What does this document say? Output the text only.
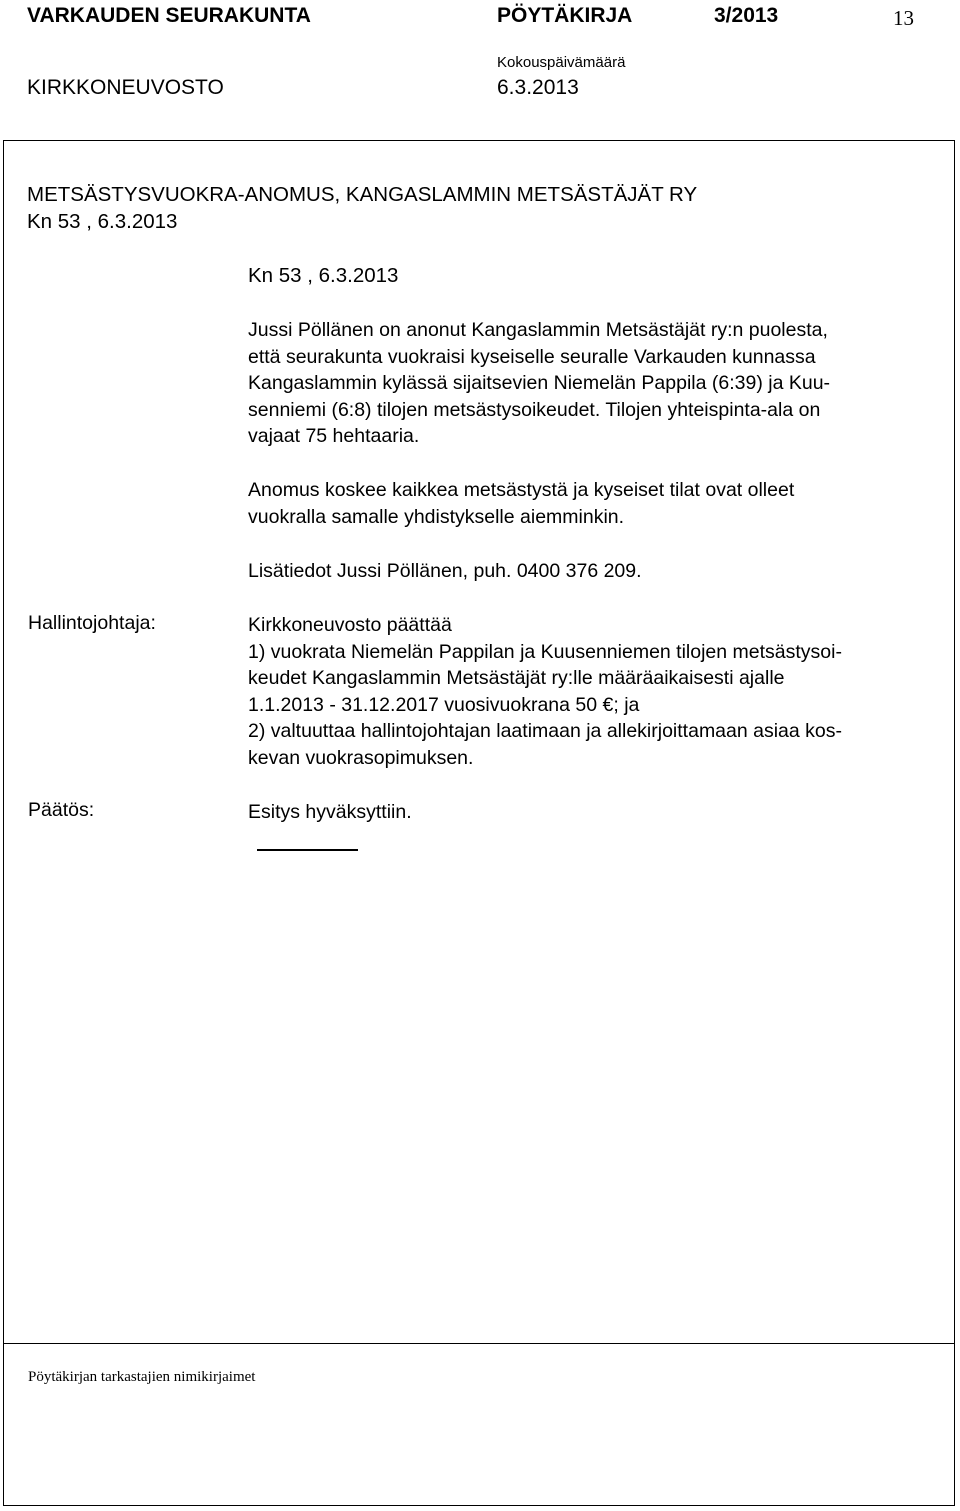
VARKAUDEN SEURAKUNTA	PÖYTÄKIRJA	3/2013	13
Kokouspäivämäärä
KIRKKONEUVOSTO	6.3.2013
METSÄSTYSVUOKRA-ANOMUS, KANGASLAMMIN METSÄSTÄJÄT RY
Kn 53 , 6.3.2013
Kn 53 , 6.3.2013
Jussi Pöllänen on anonut Kangaslammin Metsästäjät ry:n puolesta,
että seurakunta vuokraisi kyseiselle seuralle Varkauden kunnassa
Kangaslammin kylässä sijaitsevien Niemelän Pappila (6:39) ja Kuu-
senniemi (6:8) tilojen metsästysoikeudet. Tilojen yhteispinta-ala on
vajaat 75 hehtaaria.
Anomus koskee kaikkea metsästystä ja kyseiset tilat ovat olleet
vuokralla samalle yhdistykselle aiemminkin.
Lisätiedot Jussi Pöllänen, puh. 0400 376 209.
Hallintojohtaja:	Kirkkoneuvosto päättää
1) vuokrata Niemelän Pappilan ja Kuusenniemen tilojen metsästysoi-
keudet Kangaslammin Metsästäjät ry:lle määräaikaisesti ajalle
1.1.2013 - 31.12.2017 vuosivuokrana 50 €; ja
2) valtuuttaa hallintojohtajan laatimaan ja allekirjoittamaan asiaa kos-
kevan vuokrasopimuksen.
Päätös:	Esitys hyväksyttiin.
Pöytäkirjan tarkastajien nimikirjaimet
